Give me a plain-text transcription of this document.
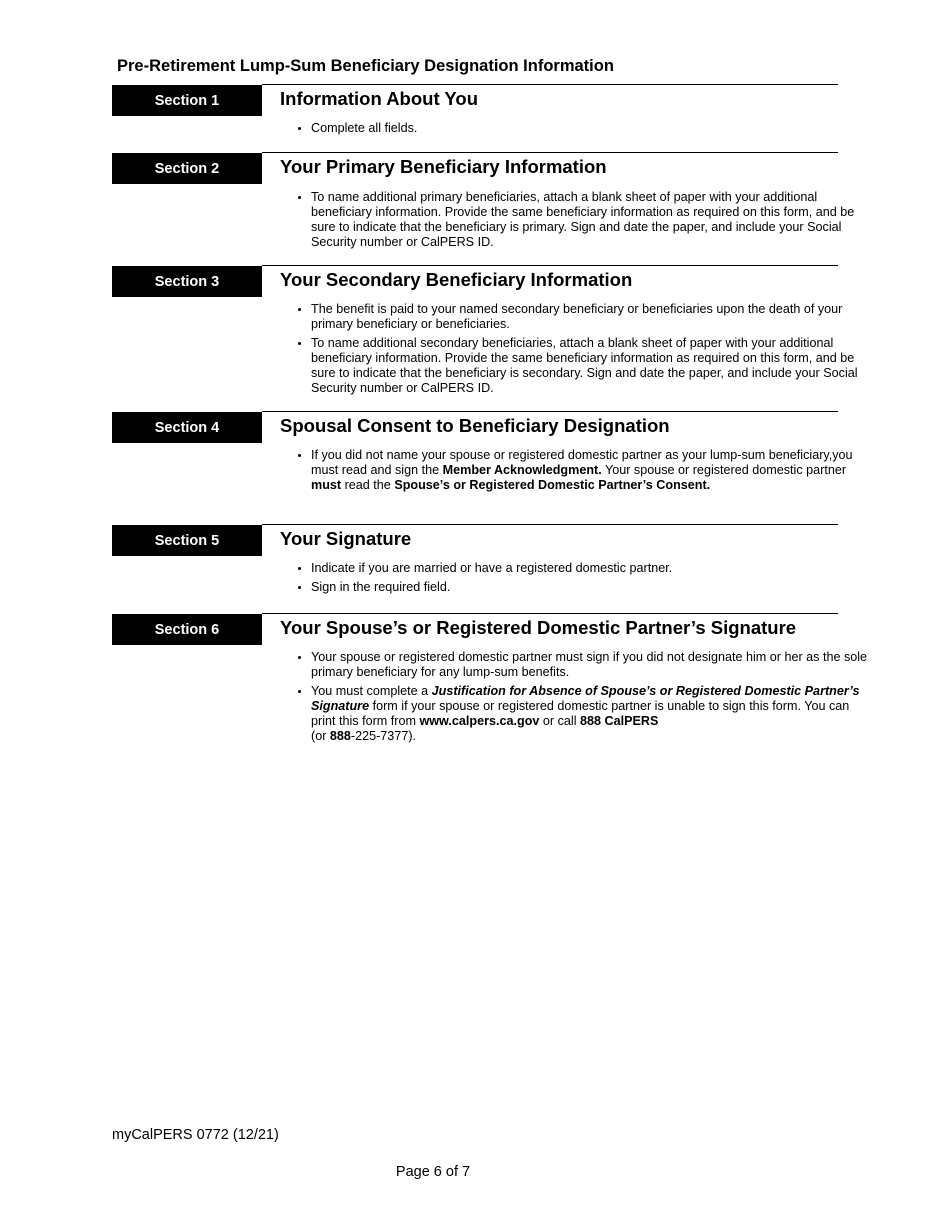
Pre-Retirement Lump-Sum Beneficiary Designation Information
Section 1	Information About You
• Complete all fields.
Section 2	Your Primary Beneficiary Information
• To name additional primary beneficiaries, attach a blank sheet of paper with your additional beneficiary information. Provide the same beneficiary information as required on this form, and be sure to indicate that the beneficiary is primary. Sign and date the paper, and include your Social Security number or CalPERS ID.
Section 3	Your Secondary Beneficiary Information
• The benefit is paid to your named secondary beneficiary or beneficiaries upon the death of your primary beneficiary or beneficiaries.
• To name additional secondary beneficiaries, attach a blank sheet of paper with your additional beneficiary information. Provide the same beneficiary information as required on this form, and be sure to indicate that the beneficiary is secondary. Sign and date the paper, and include your Social Security number or CalPERS ID.
Section 4	Spousal Consent to Beneficiary Designation
• If you did not name your spouse or registered domestic partner as your lump-sum beneficiary,you must read and sign the Member Acknowledgment. Your spouse or registered domestic partner must read the Spouse’s or Registered Domestic Partner’s Consent.
Section 5	Your Signature
• Indicate if you are married or have a registered domestic partner.
• Sign in the required field.
Section 6	Your Spouse’s or Registered Domestic Partner’s Signature
• Your spouse or registered domestic partner must sign if you did not designate him or her as the sole primary beneficiary for any lump-sum benefits.
• You must complete a Justification for Absence of Spouse’s or Registered Domestic Partner’s Signature form if your spouse or registered domestic partner is unable to sign this form. You can print this form from www.calpers.ca.gov or call 888 CalPERS
(or 888-225-7377).
myCalPERS 0772 (12/21)
Page 6 of 7
